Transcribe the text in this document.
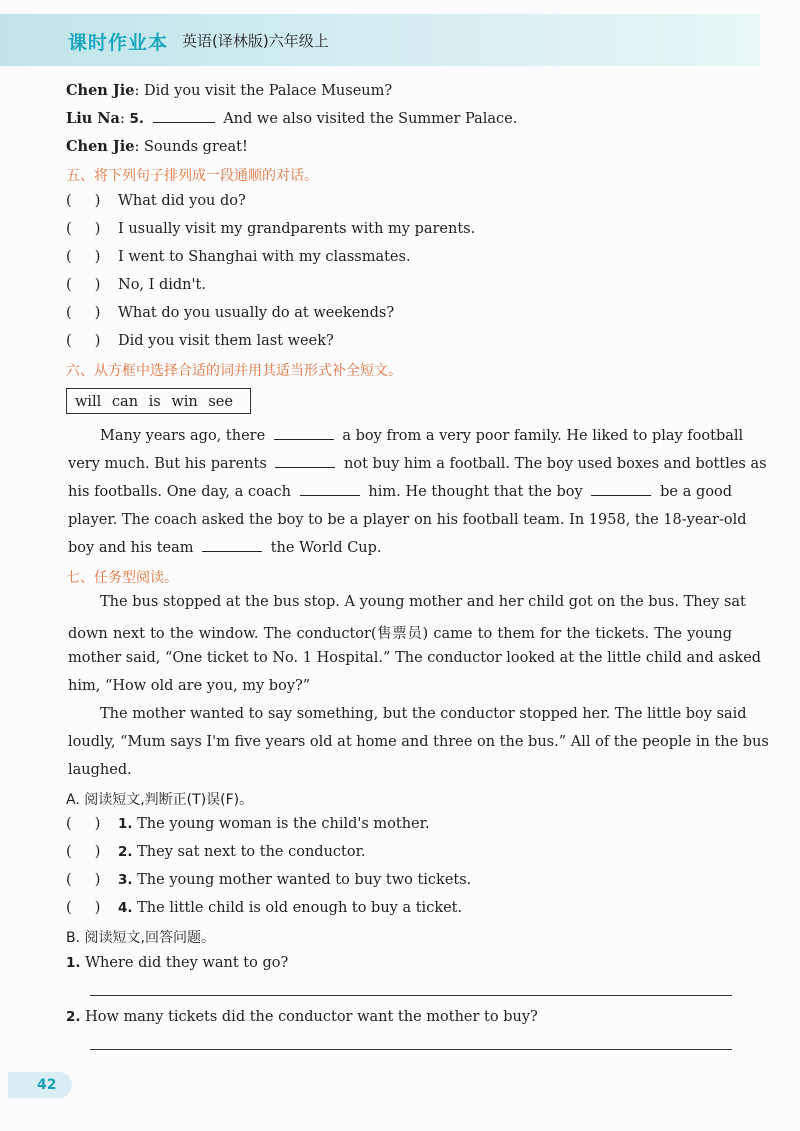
课时作业本 英语(译林版)六年级上
Chen Jie: Did you visit the Palace Museum?
Liu Na: 5.	And we also visited the Summer Palace.
Chen Jie: Sounds great!
五、将下列句子排列成一段通顺的对话。
(     ) What did you do?
(     ) I usually visit my grandparents with my parents.
(     ) I went to Shanghai with my classmates.
(     ) No, I didn't.
(     ) What do you usually do at weekends?
(     ) Did you visit them last week?
六、从方框中选择合适的词并用其适当形式补全短文。
will can is win see
Many years ago, there	a boy from a very poor family. He liked to play football
very much. But his parents	not buy him a football. The boy used boxes and bottles as
his footballs. One day, a coach	him. He thought that the boy	be a good
player. The coach asked the boy to be a player on his football team. In 1958, the 18-year-old
boy and his team	the World Cup.
七、任务型阅读。
The bus stopped at the bus stop. A young mother and her child got on the bus. They sat
down next to the window. The conductor(售票员) came to them for the tickets. The young
mother said, “One ticket to No. 1 Hospital.” The conductor looked at the little child and asked
him, “How old are you, my boy?”
The mother wanted to say something, but the conductor stopped her. The little boy said
loudly, “Mum says I'm five years old at home and three on the bus.” All of the people in the bus
laughed.
A. 阅读短文,判断正(T)误(F)。
(     ) 1. The young woman is the child's mother.
(     ) 2. They sat next to the conductor.
(     ) 3. The young mother wanted to buy two tickets.
(     ) 4. The little child is old enough to buy a ticket.
B. 阅读短文,回答问题。
1. Where did they want to go?
2. How many tickets did the conductor want the mother to buy?
42
